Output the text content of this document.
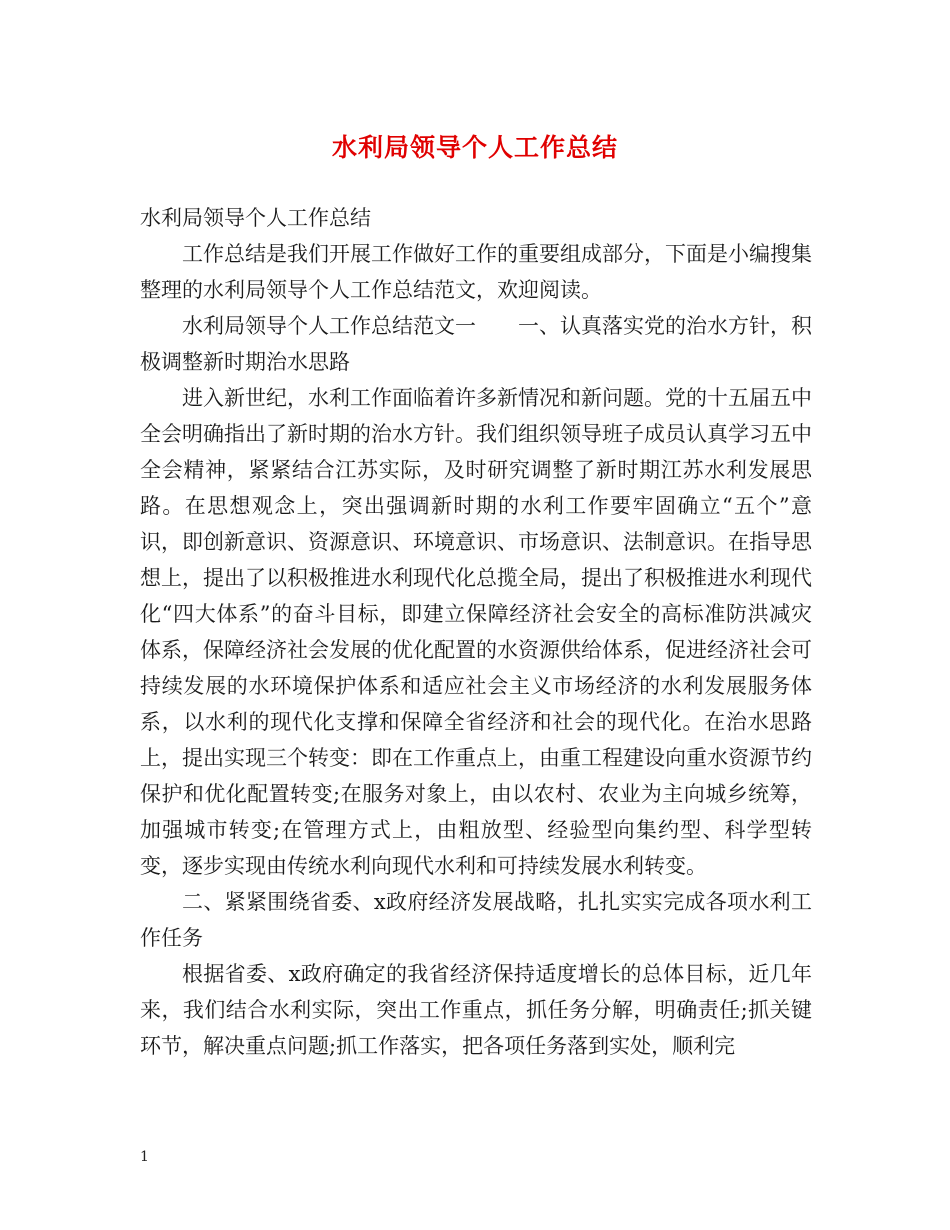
水利局领导个人工作总结

水利局领导个人工作总结

工作总结是我们开展工作做好工作的重要组成部分，下面是小编搜集整理的水利局领导个人工作总结范文，欢迎阅读。

水利局领导个人工作总结范文一　　一、认真落实党的治水方针，积极调整新时期治水思路

进入新世纪，水利工作面临着许多新情况和新问题。党的十五届五中全会明确指出了新时期的治水方针。我们组织领导班子成员认真学习五中全会精神，紧紧结合江苏实际，及时研究调整了新时期江苏水利发展思路。在思想观念上，突出强调新时期的水利工作要牢固确立“五个”意识，即创新意识、资源意识、环境意识、市场意识、法制意识。在指导思想上，提出了以积极推进水利现代化总揽全局，提出了积极推进水利现代化“四大体系”的奋斗目标，即建立保障经济社会安全的高标准防洪减灾体系，保障经济社会发展的优化配置的水资源供给体系，促进经济社会可持续发展的水环境保护体系和适应社会主义市场经济的水利发展服务体系，以水利的现代化支撑和保障全省经济和社会的现代化。在治水思路上，提出实现三个转变：即在工作重点上，由重工程建设向重水资源节约保护和优化配置转变;在服务对象上，由以农村、农业为主向城乡统筹，加强城市转变;在管理方式上，由粗放型、经验型向集约型、科学型转变，逐步实现由传统水利向现代水利和可持续发展水利转变。

二、紧紧围绕省委、x政府经济发展战略，扎扎实实完成各项水利工作任务

根据省委、x政府确定的我省经济保持适度增长的总体目标，近几年来，我们结合水利实际，突出工作重点，抓任务分解，明确责任;抓关键环节，解决重点问题;抓工作落实，把各项任务落到实处，顺利完

1
